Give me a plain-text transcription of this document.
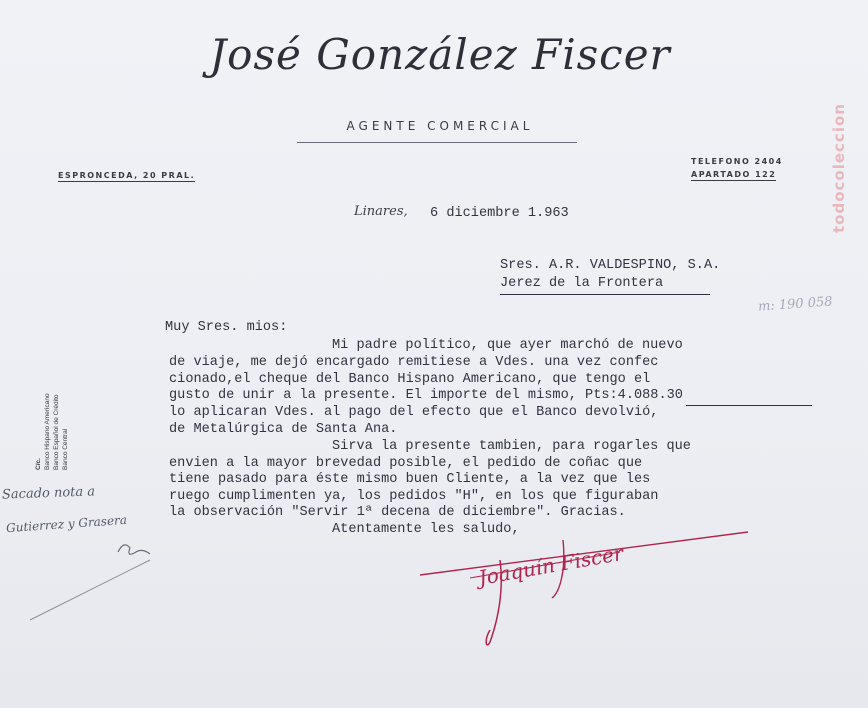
todocoleccion
José González Fiscer
AGENTE COMERCIAL
ESPRONCEDA, 20 PRAL.
TELEFONO 2404
APARTADO 122
C/c. Banco Hispano Americano Banco Español de Crédito Banco Central
Linares, 6 diciembre 1.963
Sres. A.R. VALDESPINO, S.A.
Jerez de la Frontera
m: 190 058
Muy Sres. mios:
Mi padre político, que ayer marchó de nuevo
de viaje, me dejó encargado remitiese a Vdes. una vez confec
cionado,el cheque del Banco Hispano Americano, que tengo el
gusto de unir a la presente. El importe del mismo, Pts:4.088.30
lo aplicaran Vdes. al pago del efecto que el Banco devolvió,
de Metalúrgica de Santa Ana.
Sirva la presente tambien, para rogarles que
envien a la mayor brevedad posible, el pedido de coñac que
tiene pasado para éste mismo buen Cliente, a la vez que les
ruego cumplimenten ya, los pedidos "H", en los que figuraban
la observación "Servir 1ª decena de diciembre". Gracias.
Atentamente les saludo,
Sacado nota a
Gutierrez y Grasera
Joaquín Fiscer
